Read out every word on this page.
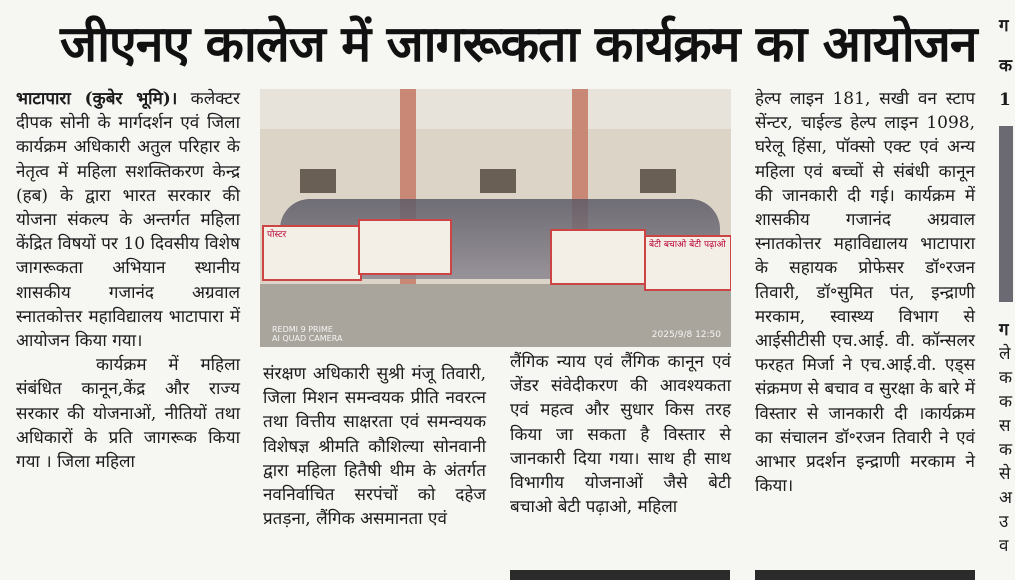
जीएनए कालेज में जागरूकता कार्यक्रम का आयोजन

भाटापारा (कुबेर भूमि)। कलेक्टर दीपक सोनी के मार्गदर्शन एवं जिला कार्यक्रम अधिकारी अतुल परिहार के नेतृत्व में महिला सशक्तिकरण केन्द्र (हब) के द्वारा भारत सरकार की योजना संकल्प के अन्तर्गत महिला केंद्रित विषयों पर 10 दिवसीय विशेष जागरूकता अभियान स्थानीय शासकीय गजानंद अग्रवाल स्नातकोत्तर महाविद्यालय भाटापारा में आयोजन किया गया।

कार्यक्रम में महिला संबंधित कानून,केंद्र और राज्य सरकार की योजनाओं, नीतियों तथा अधिकारों के प्रति जागरूक किया गया । जिला महिला

पोस्टर
बेटी बचाओ बेटी पढ़ाओ
REDMI 9 PRIME
AI QUAD CAMERA	2025/9/8 12:50
संरक्षण अधिकारी सुश्री मंजू तिवारी, जिला मिशन समन्वयक प्रीति नवरत्न तथा वित्तीय साक्षरता एवं समन्वयक विशेषज्ञ श्रीमति कौशिल्या सोनवानी द्वारा महिला हितैषी थीम के अंतर्गत नवनिर्वाचित सरपंचों को दहेज प्रतड़ना, लैंगिक असमानता एवं
लैंगिक न्याय एवं लैंगिक कानून एवं जेंडर संवेदीकरण की आवश्यकता एवं महत्व और सुधार किस तरह किया जा सकता है विस्तार से जानकारी दिया गया। साथ ही साथ विभागीय योजनाओं जैसे बेटी बचाओ बेटी पढ़ाओ, महिला
हेल्प लाइन 181, सखी वन स्टाप सेंन्टर, चाईल्ड हेल्प लाइन 1098, घरेलू हिंसा, पॉक्सो एक्ट एवं अन्य महिला एवं बच्चों से संबंधी कानून की जानकारी दी गई। कार्यक्रम में शासकीय गजानंद अग्रवाल स्नातकोत्तर महाविद्यालय भाटापारा के सहायक प्रोफेसर डॉ॰रजन तिवारी, डॉ॰सुमित पंत, इन्द्राणी मरकाम, स्वास्थ्य विभाग से आईसीटीसी एच.आई. वी. कॉन्सलर फरहत मिर्जा ने एच.आई.वी. एड्स संक्रमण से बचाव व सुरक्षा के बारे में विस्तार से जानकारी दी ।कार्यक्रम का संचालन डॉ॰रजन तिवारी ने एवं आभार प्रदर्शन इन्द्राणी मरकाम ने किया।
ग
क
1
ग
ले
क
क
स
क
से
अ
उ
व
